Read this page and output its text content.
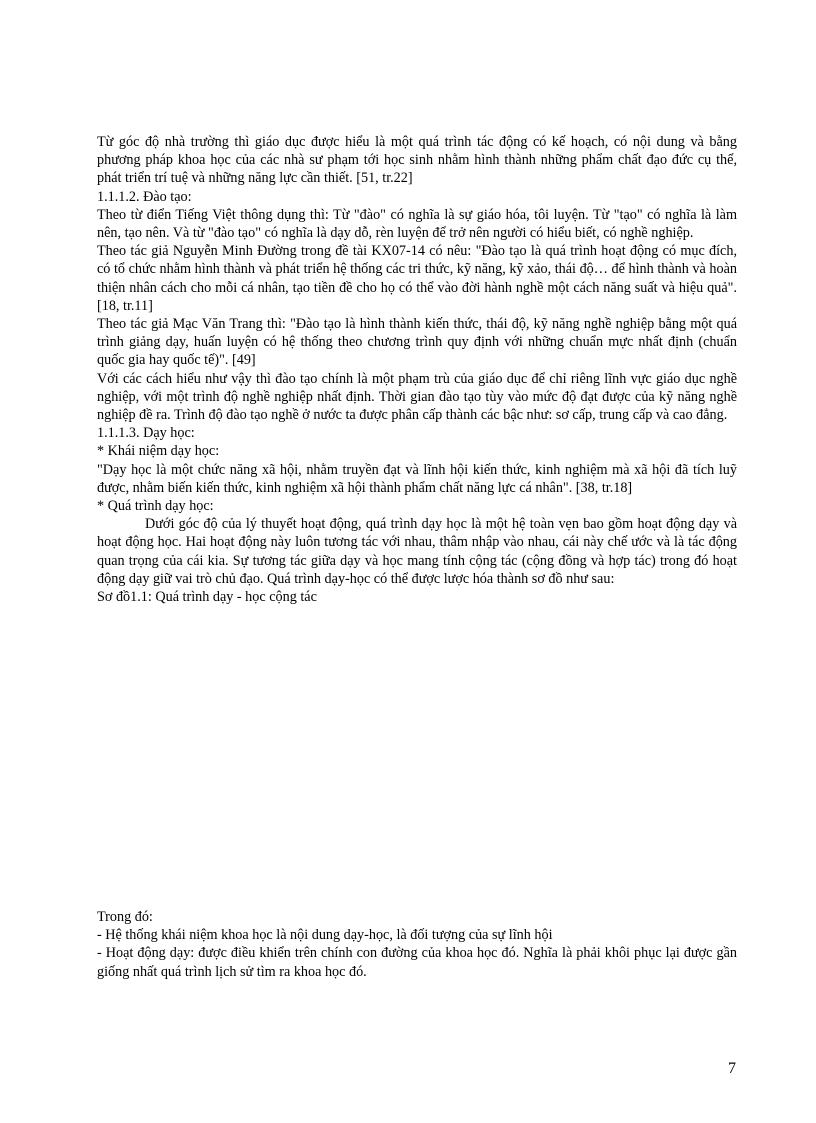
Từ góc độ nhà trường thì giáo dục được hiểu là một quá trình tác động có kế hoạch, có nội dung và bằng phương pháp khoa học của các nhà sư phạm tới học sinh nhằm hình thành những phẩm chất đạo đức cụ thể, phát triển trí tuệ và những năng lực cần thiết. [51, tr.22]

1.1.1.2. Đào tạo:

Theo từ điển Tiếng Việt thông dụng thì: Từ "đào" có nghĩa là sự giáo hóa, tôi luyện. Từ "tạo" có nghĩa là làm nên, tạo nên. Và từ "đào tạo" có nghĩa là dạy dỗ, rèn luyện để trở nên người có hiểu biết, có nghề nghiệp.

Theo tác giả Nguyễn Minh Đường trong đề tài KX07-14 có nêu: "Đào tạo là quá trình hoạt động có mục đích, có tổ chức nhằm hình thành và phát triển hệ thống các tri thức, kỹ năng, kỹ xảo, thái độ… để hình thành và hoàn thiện nhân cách cho mỗi cá nhân, tạo tiền đề cho họ có thể vào đời hành nghề một cách năng suất và hiệu quả". [18, tr.11]

Theo tác giả Mạc Văn Trang thì: "Đào tạo là hình thành kiến thức, thái độ, kỹ năng nghề nghiệp bằng một quá trình giảng dạy, huấn luyện có hệ thống theo chương trình quy định với những chuẩn mực nhất định (chuẩn quốc gia hay quốc tế)". [49]

Với các cách hiểu như vậy thì đào tạo chính là một phạm trù của giáo dục để chỉ riêng lĩnh vực giáo dục nghề nghiệp, với một trình độ nghề nghiệp nhất định. Thời gian đào tạo tùy vào mức độ đạt được của kỹ năng nghề nghiệp đề ra. Trình độ đào tạo nghề ở nước ta được phân cấp thành các bậc như: sơ cấp, trung cấp và cao đẳng.

1.1.1.3. Dạy học:

* Khái niệm dạy học:

"Dạy học là một chức năng xã hội, nhằm truyền đạt và lĩnh hội kiến thức, kinh nghiệm mà xã hội đã tích luỹ được, nhằm biến kiến thức, kinh nghiệm xã hội thành phẩm chất năng lực cá nhân". [38, tr.18]

* Quá trình dạy học:

Dưới góc độ của lý thuyết hoạt động, quá trình dạy học là một hệ toàn vẹn bao gồm hoạt động dạy và hoạt động học. Hai hoạt động này luôn tương tác với nhau, thâm nhập vào nhau, cái này chế ước và là tác động quan trọng của cái kia. Sự tương tác giữa dạy và học mang tính cộng tác (cộng đồng và hợp tác) trong đó hoạt động dạy giữ vai trò chủ đạo. Quá trình dạy-học có thể được lược hóa thành sơ đồ như sau:

Sơ đồ1.1: Quá trình dạy - học cộng tác

Trong đó:

- Hệ thống khái niệm khoa học là nội dung dạy-học, là đối tượng của sự lĩnh hội

- Hoạt động dạy: được điều khiển trên chính con đường của khoa học đó. Nghĩa là phải khôi phục lại được gần giống nhất quá trình lịch sử tìm ra khoa học đó.

7
